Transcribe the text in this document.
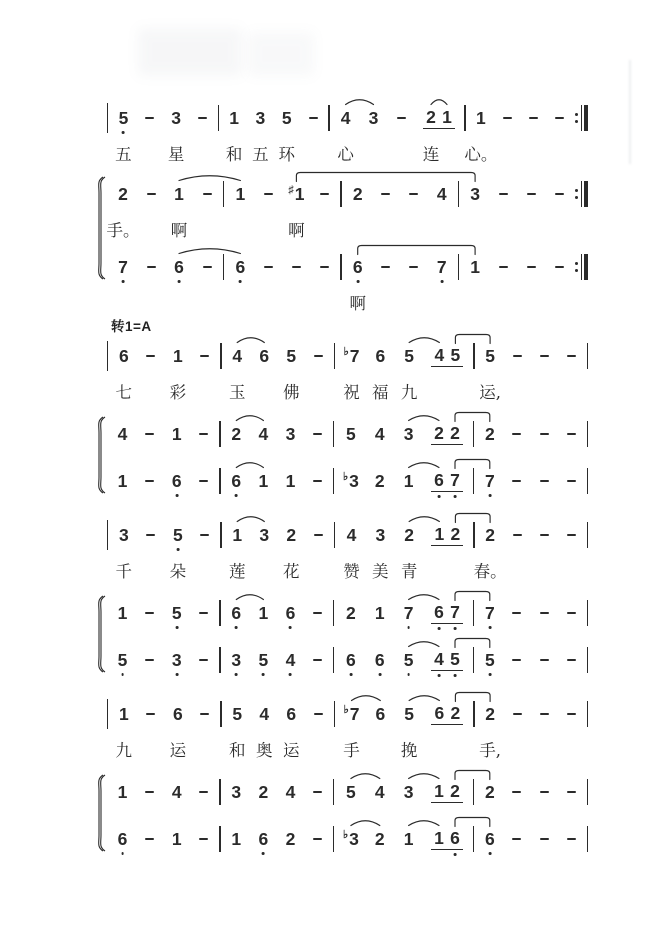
5 3	1 3 5	4 3	2 1 1
五 星	和 五 环	心	连 心。
2	1	1	♯ 1	2	4 3
手。 啊	啊
7	6	6	6	7 1
啊
转1=A
6	1	4 6 5	♭ 7 6 5 4 5 5
七 彩	玉 佛	祝 福 九	运,
4	1	2 4 3	5 4 3 2 2 2
1	6	6 1 1	♭ 3 2 1 6 7 7
3	5	1 3 2	4 3 2 1 2 2
千 朵	莲 花	赞 美 青	春。
1	5	6 1 6	2 1 7 6 7 7
5	3	3 5 4	6 6 5 4 5 5
1	6	5 4 6	♭ 7 6 5 6 2 2
九 运	和 奥 运	手 挽	手,
1	4	3 2 4	5 4 3 1 2 2
6	1	1 6 2	♭ 3 2 1 1 6 6
